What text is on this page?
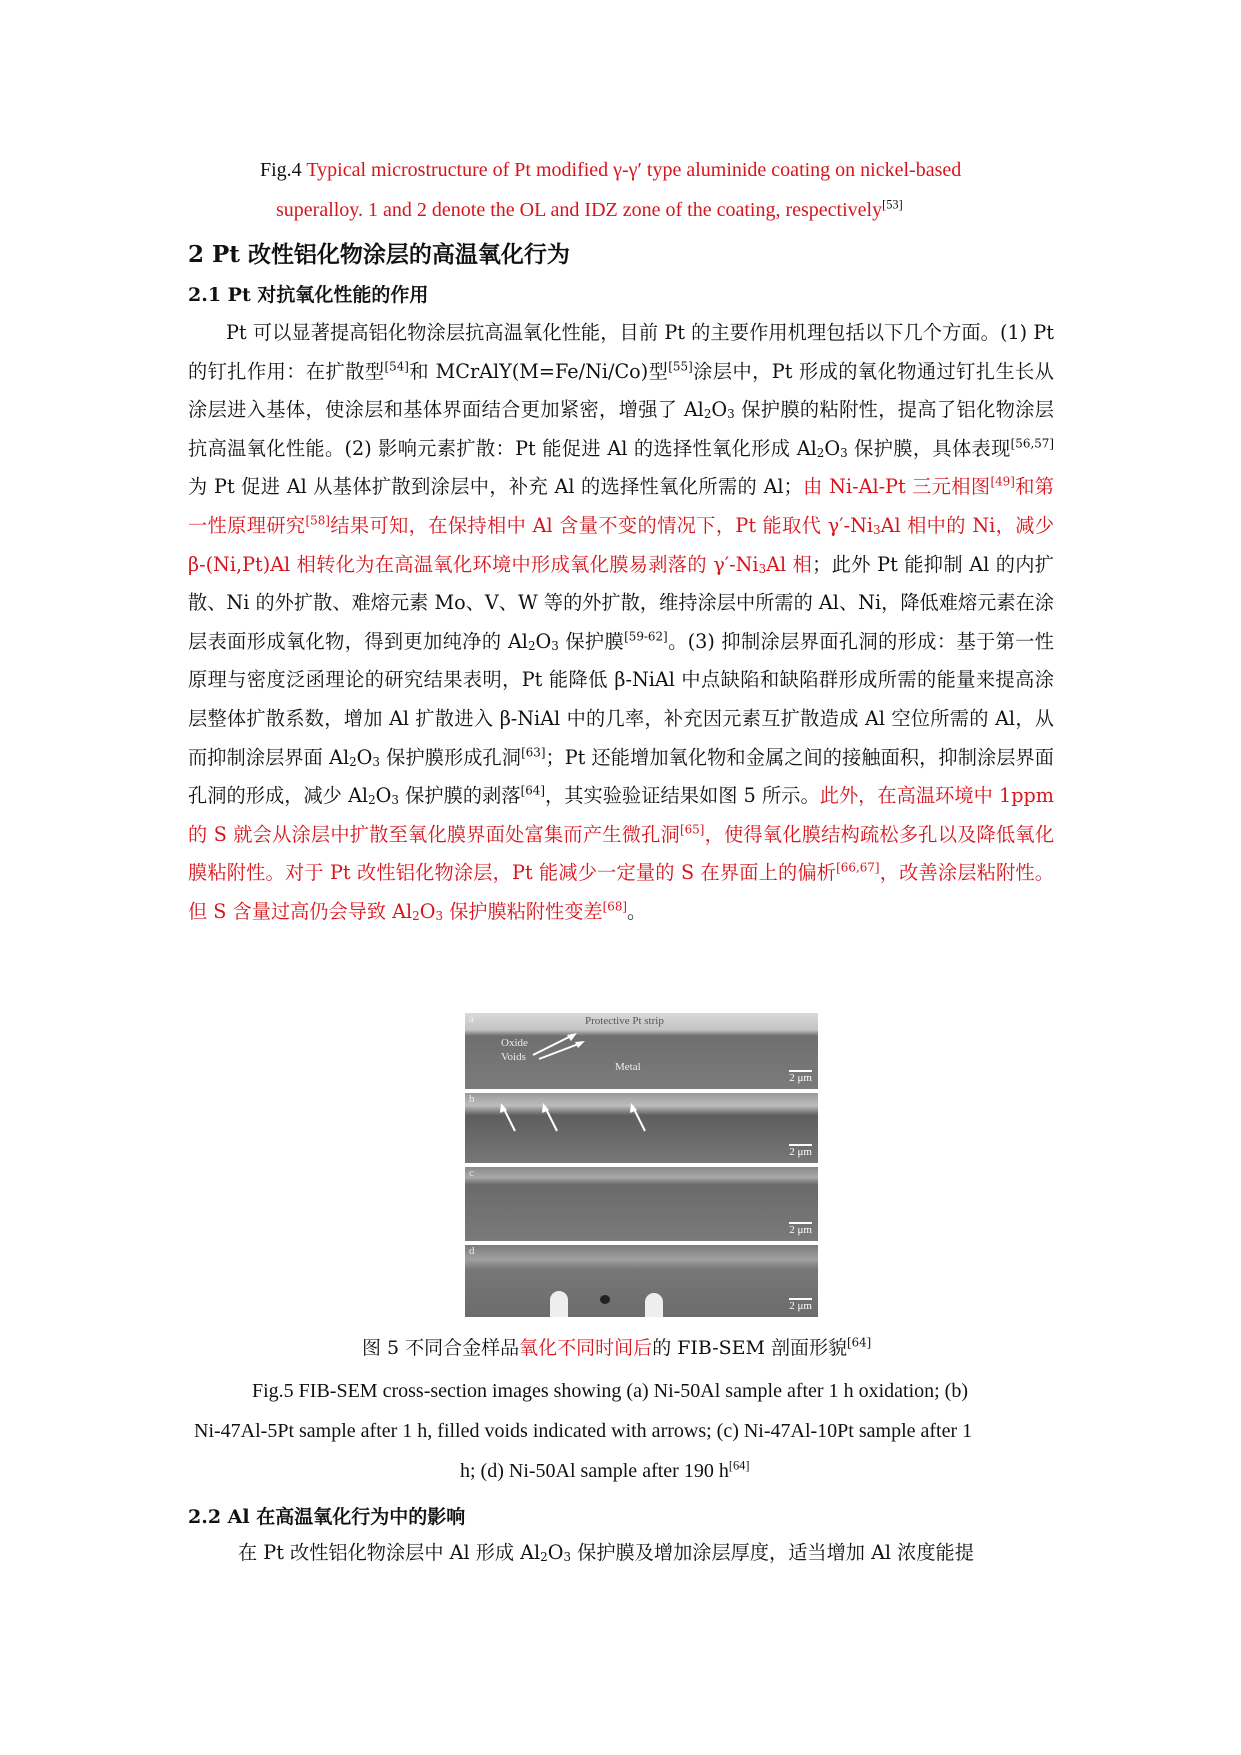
Fig.4 Typical microstructure of Pt modified γ-γ′ type aluminide coating on nickel-based
superalloy. 1 and 2 denote the OL and IDZ zone of the coating, respectively[53]
2 Pt 改性铝化物涂层的高温氧化行为
2.1 Pt 对抗氧化性能的作用
Pt 可以显著提高铝化物涂层抗高温氧化性能，目前 Pt 的主要作用机理包括以下几个方面。(1) Pt 的钉扎作用：在扩散型[54]和 MCrAlY(M=Fe/Ni/Co)型[55]涂层中，Pt 形成的氧化物通过钉扎生长从涂层进入基体，使涂层和基体界面结合更加紧密，增强了 $Al_2O_3$ 保护膜的粘附性，提高了铝化物涂层抗高温氧化性能。(2) 影响元素扩散：Pt 能促进 Al 的选择性氧化形成 $Al_2O_3$ 保护膜，具体表现[56,57]为 Pt 促进 Al 从基体扩散到涂层中，补充 Al 的选择性氧化所需的 Al；由 Ni-Al-Pt 三元相图[49]和第一性原理研究[58]结果可知，在保持相中 Al 含量不变的情况下，Pt 能取代 $\gamma'-Ni_3Al$ 相中的 Ni，减少 β-(Ni,Pt)Al 相转化为在高温氧化环境中形成氧化膜易剥落的 $\gamma'-Ni_3Al$ 相；此外 Pt 能抑制 Al 的内扩散、Ni 的外扩散、难熔元素 Mo、V、W 等的外扩散，维持涂层中所需的 Al、Ni，降低难熔元素在涂层表面形成氧化物，得到更加纯净的 $Al_2O_3$ 保护膜[59-62]。(3) 抑制涂层界面孔洞的形成：基于第一性原理与密度泛函理论的研究结果表明，Pt 能降低 β-NiAl 中点缺陷和缺陷群形成所需的能量来提高涂层整体扩散系数，增加 Al 扩散进入 β-NiAl 中的几率，补充因元素互扩散造成 Al 空位所需的 Al，从而抑制涂层界面 $Al_2O_3$ 保护膜形成孔洞[63]；Pt 还能增加氧化物和金属之间的接触面积，抑制涂层界面孔洞的形成，减少 $Al_2O_3$ 保护膜的剥落[64]，其实验验证结果如图 5 所示。此外，在高温环境中 1ppm 的 S 就会从涂层中扩散至氧化膜界面处富集而产生微孔洞[65]，使得氧化膜结构疏松多孔以及降低氧化膜粘附性。对于 Pt 改性铝化物涂层，Pt 能减少一定量的 S 在界面上的偏析[66,67]，改善涂层粘附性。但 S 含量过高仍会导致 $Al_2O_3$ 保护膜粘附性变差[68]。
a	Protective Pt strip
Oxide
Voids
Metal
2 μm
b
2 μm
c
2 μm
d
2 μm
图 5 不同合金样品氧化不同时间后的 FIB-SEM 剖面形貌[64]
Fig.5 FIB-SEM cross-section images showing (a) Ni-50Al sample after 1 h oxidation; (b)
Ni-47Al-5Pt sample after 1 h, filled voids indicated with arrows; (c) Ni-47Al-10Pt sample after 1
h; (d) Ni-50Al sample after 190 h[64]
2.2 Al 在高温氧化行为中的影响
在 Pt 改性铝化物涂层中 Al 形成 $Al_2O_3$ 保护膜及增加涂层厚度，适当增加 Al 浓度能提
